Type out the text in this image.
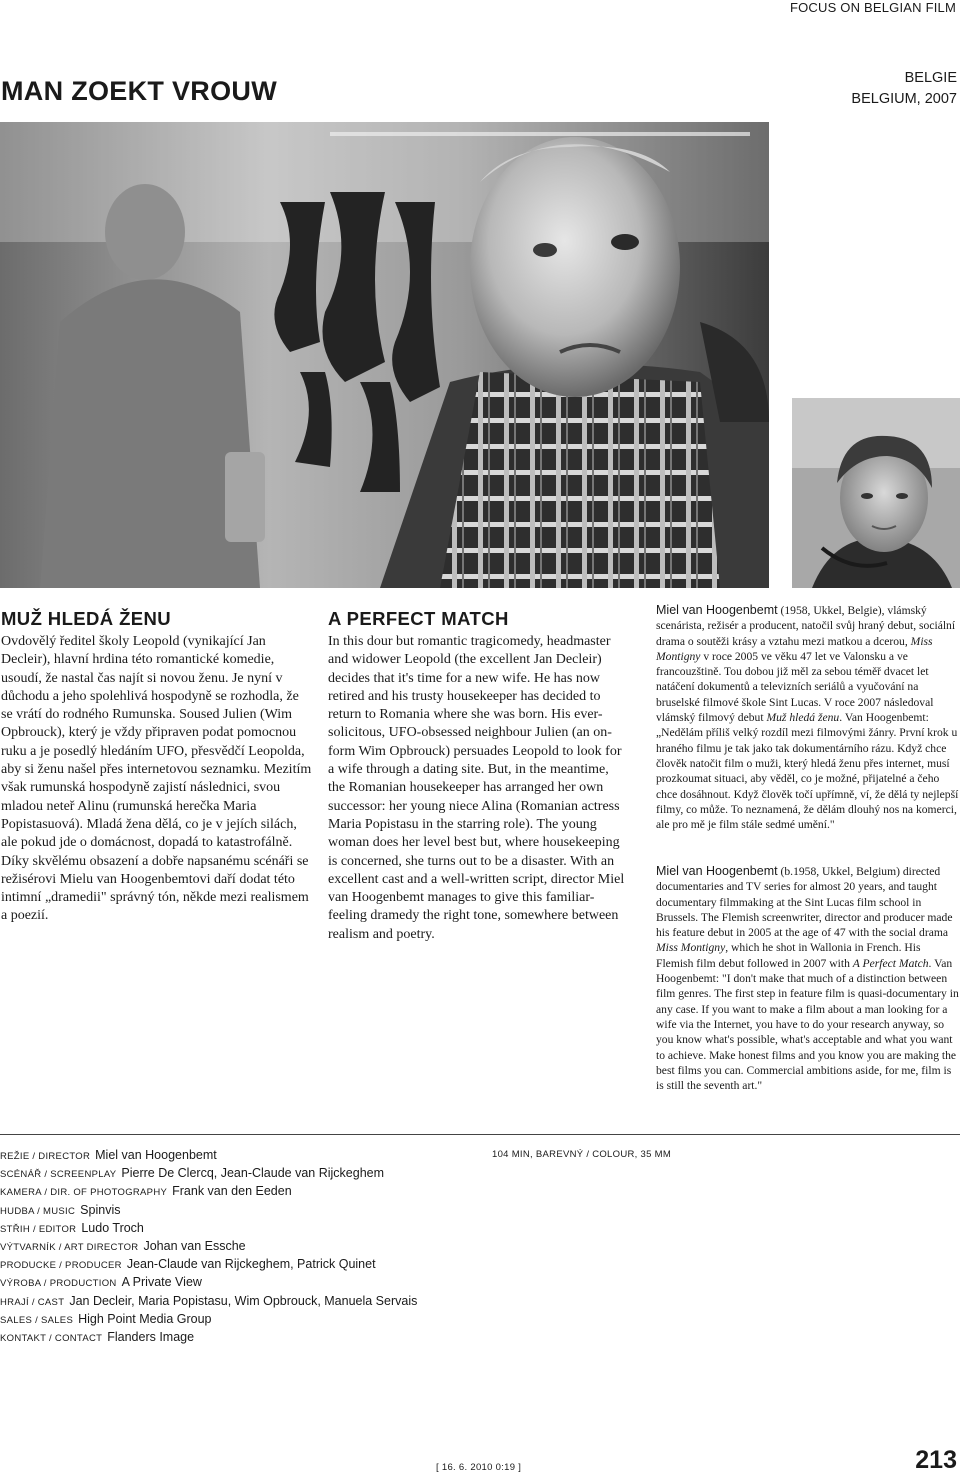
FOCUS ON BELGIAN FILM
MAN ZOEKT VROUW	BELGIE
BELGIUM, 2007
MUŽ HLEDÁ ŽENU
Ovdovělý ředitel školy Leopold (vynikající Jan Decleir), hlavní hrdina této romantické komedie, usoudí, že nastal čas najít si novou ženu. Je nyní v důchodu a jeho spolehlivá hospodyně se rozhodla, že se vrátí do rodného Rumunska. Soused Julien (Wim Opbrouck), který je vždy připraven podat pomocnou ruku a je posedlý hledáním UFO, přesvědčí Leopolda, aby si ženu našel přes internetovou seznamku. Mezitím však rumunská hospodyně zajistí následnici, svou mladou neteř Alinu (rumunská herečka Maria Popistasuová). Mladá žena dělá, co je v jejích silách, ale pokud jde o domácnost, dopadá to katastrofálně. Díky skvělému obsazení a dobře napsanému scénáři se režisérovi Mielu van Hoogenbemtovi daří dodat této intimní „dramedii" správný tón, někde mezi realismem a poezií.
A PERFECT MATCH
In this dour but romantic tragicomedy, headmaster and widower Leopold (the excellent Jan Decleir) decides that it's time for a new wife. He has now retired and his trusty housekeeper has decided to return to Romania where she was born. His ever-solicitous, UFO-obsessed neighbour Julien (an on-form Wim Opbrouck) persuades Leopold to look for a wife through a dating site. But, in the meantime, the Romanian housekeeper has arranged her own successor: her young niece Alina (Romanian actress Maria Popistasu in the starring role). The young woman does her level best but, where housekeeping is concerned, she turns out to be a disaster. With an excellent cast and a well-written script, director Miel van Hoogenbemt manages to give this familiar-feeling dramedy the right tone, somewhere between realism and poetry.
Miel van Hoogenbemt (1958, Ukkel, Belgie), vlámský scenárista, režisér a producent, natočil svůj hraný debut, sociální drama o soutěži krásy a vztahu mezi matkou a dcerou, Miss Montigny v roce 2005 ve věku 47 let ve Valonsku a ve francouzštině. Tou dobou již měl za sebou téměř dvacet let natáčení dokumentů a televizních seriálů a vyučování na bruselské filmové škole Sint Lucas. V roce 2007 následoval vlámský filmový debut Muž hledá ženu. Van Hoogenbemt: „Nedělám příliš velký rozdíl mezi filmovými žánry. První krok u hraného filmu je tak jako tak dokumentárního rázu. Když chce člověk natočit film o muži, který hledá ženu přes internet, musí prozkoumat situaci, aby věděl, co je možné, přijatelné a čeho chce dosáhnout. Když člověk točí upřímně, ví, že dělá ty nejlepší filmy, co může. To neznamená, že dělám dlouhý nos na komerci, ale pro mě je film stále sedmé umění."
Miel van Hoogenbemt (b.1958, Ukkel, Belgium) directed documentaries and TV series for almost 20 years, and taught documentary filmmaking at the Sint Lucas film school in Brussels. The Flemish screenwriter, director and producer made his feature debut in 2005 at the age of 47 with the social drama Miss Montigny, which he shot in Wallonia in French. His Flemish film debut followed in 2007 with A Perfect Match. Van Hoogenbemt: "I don't make that much of a distinction between film genres. The first step in feature film is quasi-documentary in any case. If you want to make a film about a man looking for a wife via the Internet, you have to do your research anyway, so you know what's possible, what's acceptable and what you want to achieve. Make honest films and you know you are making the best films you can. Commercial ambitions aside, for me, film is is still the seventh art."
REŽIE / DIRECTOR Miel van Hoogenbemt
SCÉNÁŘ / SCREENPLAY Pierre De Clercq, Jean-Claude van Rijckeghem
KAMERA / DIR. OF PHOTOGRAPHY Frank van den Eeden
HUDBA / MUSIC Spinvis
STŘIH / EDITOR Ludo Troch
VÝTVARNÍK / ART DIRECTOR Johan van Essche
PRODUCKE / PRODUCER Jean-Claude van Rijckeghem, Patrick Quinet
VÝROBA / PRODUCTION A Private View
HRAJÍ / CAST Jan Decleir, Maria Popistasu, Wim Opbrouck, Manuela Servais
SALES / SALES High Point Media Group
KONTAKT / CONTACT Flanders Image
104 MIN, BAREVNÝ / COLOUR, 35 MM
[ 16. 6. 2010 0:19 ]	213
